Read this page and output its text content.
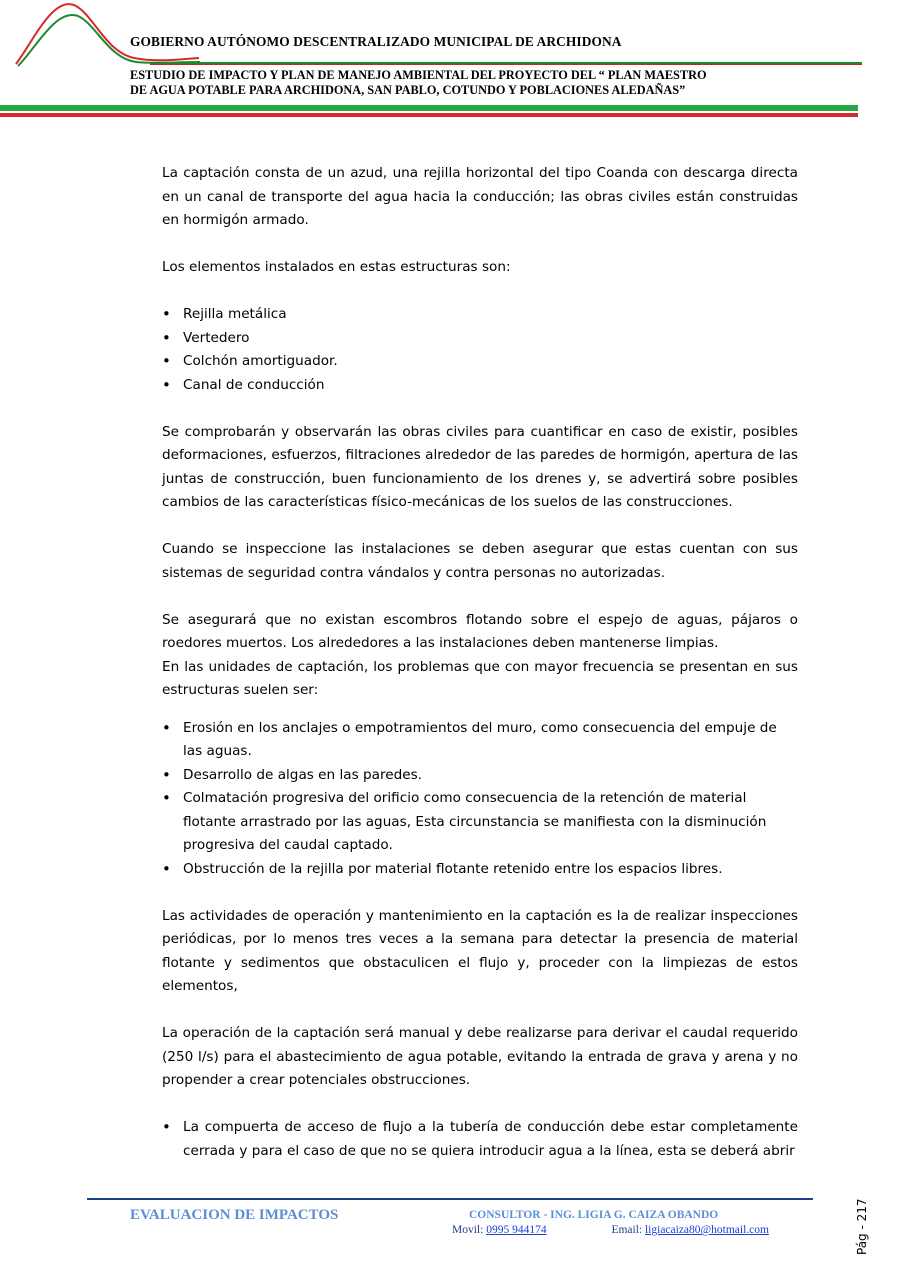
GOBIERNO AUTÓNOMO DESCENTRALIZADO MUNICIPAL DE ARCHIDONA
ESTUDIO DE IMPACTO Y PLAN DE MANEJO AMBIENTAL DEL PROYECTO DEL “ PLAN MAESTRO
DE AGUA POTABLE PARA ARCHIDONA, SAN PABLO, COTUNDO Y POBLACIONES ALEDAÑAS”

La captación consta de un azud, una rejilla horizontal del tipo Coanda con descarga directa en un canal de transporte del agua hacia la conducción; las obras civiles están construidas en hormigón armado.

Los elementos instalados en estas estructuras son:

• Rejilla metálica
• Vertedero
• Colchón amortiguador.
• Canal de conducción

Se comprobarán y observarán las obras civiles para cuantificar en caso de existir, posibles deformaciones, esfuerzos, filtraciones alrededor de las paredes de hormigón, apertura de las juntas de construcción, buen funcionamiento de los drenes y, se advertirá sobre posibles cambios de las características físico-mecánicas de los suelos de las construcciones.

Cuando se inspeccione las instalaciones se deben asegurar que estas cuentan con sus sistemas de seguridad contra vándalos y contra personas no autorizadas.

Se asegurará que no existan escombros flotando sobre el espejo de aguas, pájaros o roedores muertos. Los alrededores a las instalaciones deben mantenerse limpias.

En las unidades de captación, los problemas que con mayor frecuencia se presentan en sus estructuras suelen ser:

• Erosión en los anclajes o empotramientos del muro, como consecuencia del empuje de las aguas.
• Desarrollo de algas en las paredes.
• Colmatación progresiva del orificio como consecuencia de la retención de material flotante arrastrado por las aguas, Esta circunstancia se manifiesta con la disminución progresiva del caudal captado.
• Obstrucción de la rejilla por material flotante retenido entre los espacios libres.

Las actividades de operación y mantenimiento en la captación es la de realizar inspecciones periódicas, por lo menos tres veces a la semana para detectar la presencia de material flotante y sedimentos que obstaculicen el flujo y, proceder con la limpiezas de estos elementos,

La operación de la captación será manual y debe realizarse para derivar el caudal requerido (250 l/s) para el abastecimiento de agua potable, evitando la entrada de grava y arena y no propender a crear potenciales obstrucciones.

• La compuerta de acceso de flujo a la tubería de conducción debe estar completamente cerrada y para el caso de que no se quiera introducir agua a la línea, esta se deberá abrir
EVALUACION DE IMPACTOS	CONSULTOR - ING. LIGIA G. CAIZA OBANDO
Movil: 0995 944174	Email: ligiacaiza80@hotmail.com	Pág - 217
